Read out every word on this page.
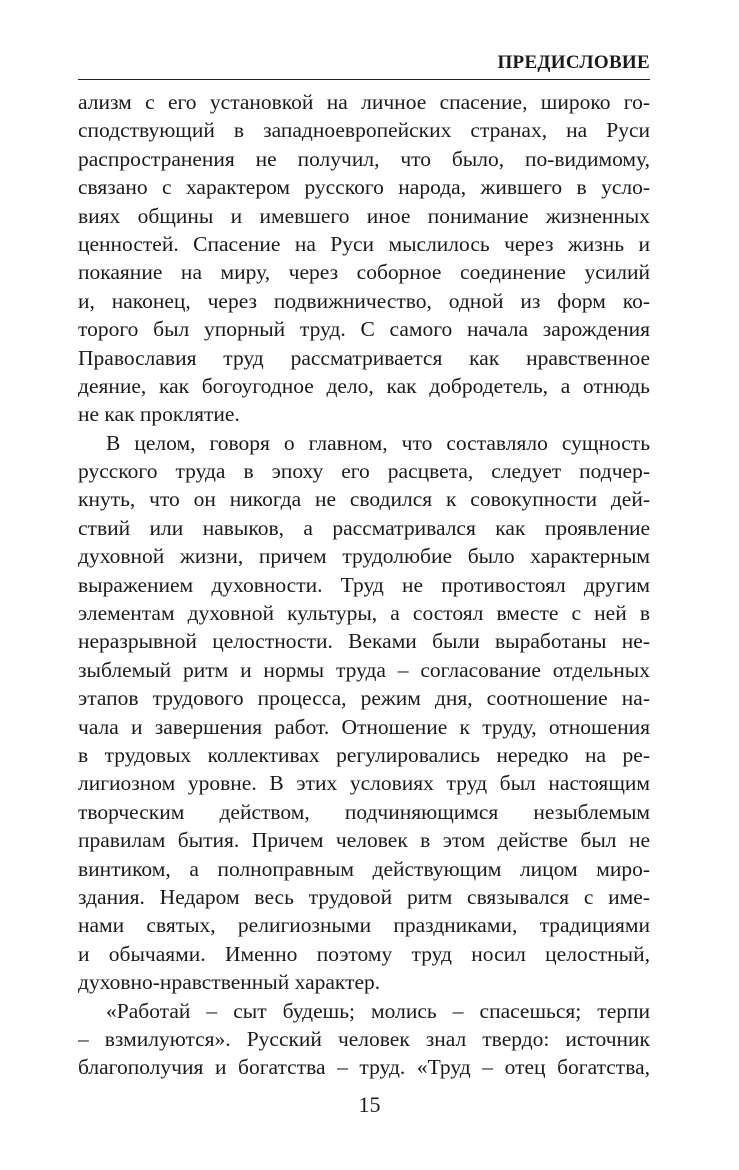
ПРЕДИСЛОВИЕ
ализм с его установкой на личное спасение, широко го-
сподствующий в западноевропейских странах, на Руси
распространения не получил, что было, по-видимому,
связано с характером русского народа, жившего в усло-
виях общины и имевшего иное понимание жизненных
ценностей. Спасение на Руси мыслилось через жизнь и
покаяние на миру, через соборное соединение усилий
и, наконец, через подвижничество, одной из форм ко-
торого был упорный труд. С самого начала зарождения
Православия труд рассматривается как нравственное
деяние, как богоугодное дело, как добродетель, а отнюдь
не как проклятие.
В целом, говоря о главном, что составляло сущность
русского труда в эпоху его расцвета, следует подчер-
кнуть, что он никогда не сводился к совокупности дей-
ствий или навыков, а рассматривался как проявление
духовной жизни, причем трудолюбие было характерным
выражением духовности. Труд не противостоял другим
элементам духовной культуры, а состоял вместе с ней в
неразрывной целостности. Веками были выработаны не-
зыблемый ритм и нормы труда – согласование отдельных
этапов трудового процесса, режим дня, соотношение на-
чала и завершения работ. Отношение к труду, отношения
в трудовых коллективах регулировались нередко на ре-
лигиозном уровне. В этих условиях труд был настоящим
творческим действом, подчиняющимся незыблемым
правилам бытия. Причем человек в этом действе был не
винтиком, а полноправным действующим лицом миро-
здания. Недаром весь трудовой ритм связывался с име-
нами святых, религиозными праздниками, традициями
и обычаями. Именно поэтому труд носил целостный,
духовно-нравственный характер.
«Работай – сыт будешь; молись – спасешься; терпи
– взмилуются». Русский человек знал твердо: источник
благополучия и богатства – труд. «Труд – отец богатства,
15
